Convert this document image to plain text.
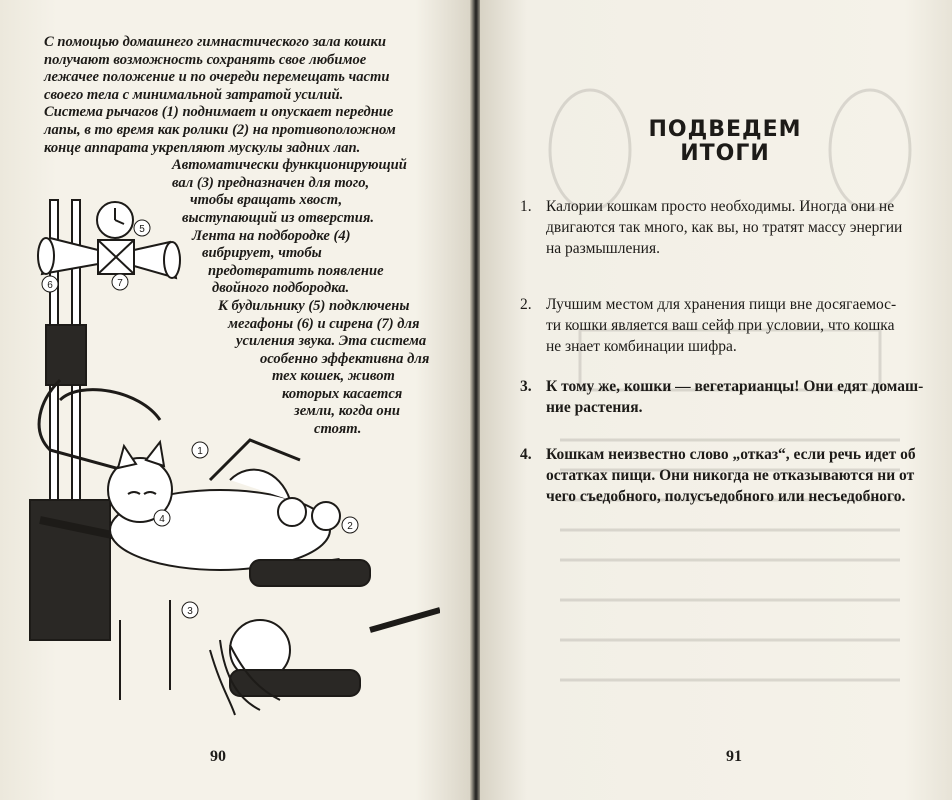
С помощью домашнего гимнастического зала кошки

получают возможность сохранять свое любимое

лежачее положение и по очереди перемещать части

своего тела с минимальной затратой усилий.

Система рычагов (1) поднимает и опускает передние

лапы, в то время как ролики (2) на противоположном

конце аппарата укрепляют мускулы задних лап.

Автоматически функционирующий

вал (3) предназначен для того,

чтобы вращать хвост,

выступающий из отверстия.

Лента на подбородке (4)

вибрирует, чтобы

предотвратить появление

двойного подбородка.

К будильнику (5) подключены

мегафоны (6) и сирена (7) для

усиления звука. Эта система

особенно эффективна для

тех кошек, живот

которых касается

земли, когда они

стоят.

1
2
3
4
5
6	7
90
ПОДВЕДЕМ
ИТОГИ
1. Калории кошкам просто необходимы. Иногда они не
двигаются так много, как вы, но тратят массу энергии
на размышления.
2. Лучшим местом для хранения пищи вне досягаемос-
ти кошки является ваш сейф при условии, что кошка
не знает комбинации шифра.
3. К тому же, кошки — вегетарианцы! Они едят домаш-
ние растения.
4. Кошкам неизвестно слово „отказ“, если речь идет об
остатках пищи. Они никогда не отказываются ни от
чего съедобного, полусъедобного или несъедобного.
91
